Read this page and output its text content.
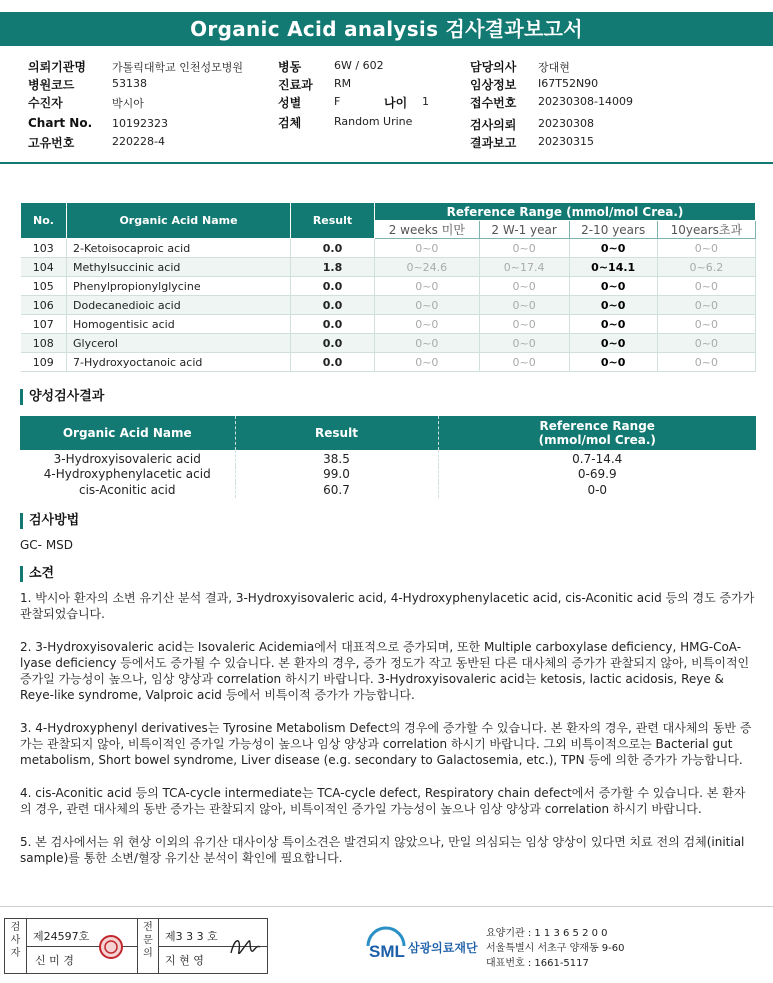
Organic Acid analysis 검사결과보고서
의뢰기관명 가톨릭대학교 인천성모병원
병원코드	53138
수진자	박시아
Chart No. 10192323
고유번호	220228-4
병동	6W / 602
진료과 RM
성별	F	나이 1
검체	Random Urine
담당의사 장대현
임상정보 I67T52N90
접수번호 20230308-14009
검사의뢰 20230308
결과보고 20230315
No.	Organic Acid Name	Result	Reference Range (mmol/mol Crea.)			
			2 weeks 미만	2 W-1 year	2-10 years	10years초과
103	2-Ketoisocaproic acid	0.0	0~0	0~0	0~0	0~0
104	Methylsuccinic acid	1.8	0~24.6	0~17.4	0~14.1	0~6.2
105	Phenylpropionylglycine	0.0	0~0	0~0	0~0	0~0
106	Dodecanedioic acid	0.0	0~0	0~0	0~0	0~0
107	Homogentisic acid	0.0	0~0	0~0	0~0	0~0
108	Glycerol	0.0	0~0	0~0	0~0	0~0
109	7-Hydroxyoctanoic acid	0.0	0~0	0~0	0~0	0~0
양성검사결과
Organic Acid Name	Result	Reference Range
(mmol/mol Crea.)

3-Hydroxyisovaleric acid	38.5	0.7-14.4
4-Hydroxyphenylacetic acid	99.0	0-69.9
cis-Aconitic acid	60.7	0-0
검사방법
GC- MSD
소견

1. 박시아 환자의 소변 유기산 분석 결과, 3-Hydroxyisovaleric acid, 4-Hydroxyphenylacetic acid, cis-Aconitic acid 등의 경도 증가가 관찰되었습니다.

2. 3-Hydroxyisovaleric acid는 Isovaleric Acidemia에서 대표적으로 증가되며, 또한 Multiple carboxylase deficiency, HMG-CoA-lyase deficiency 등에서도 증가될 수 있습니다. 본 환자의 경우, 증가 정도가 작고 동반된 다른 대사체의 증가가 관찰되지 않아, 비특이적인 증가일 가능성이 높으나, 임상 양상과 correlation 하시기 바랍니다. 3-Hydroxyisovaleric acid는 ketosis, lactic acidosis, Reye & Reye-like syndrome, Valproic acid 등에서 비특이적 증가가 가능합니다.

3. 4-Hydroxyphenyl derivatives는 Tyrosine Metabolism Defect의 경우에 증가할 수 있습니다. 본 환자의 경우, 관련 대사체의 동반 증가는 관찰되지 않아, 비특이적인 증가일 가능성이 높으나 임상 양상과 correlation 하시기 바랍니다. 그외 비특이적으로는 Bacterial gut metabolism, Short bowel syndrome, Liver disease (e.g. secondary to Galactosemia, etc.), TPN 등에 의한 증가가 가능합니다.

4. cis-Aconitic acid 등의 TCA-cycle intermediate는 TCA-cycle defect, Respiratory chain defect에서 증가할 수 있습니다. 본 환자의 경우, 관련 대사체의 동반 증가는 관찰되지 않아, 비특이적인 증가일 가능성이 높으나 임상 양상과 correlation 하시기 바랍니다.

5. 본 검사에서는 위 현상 이외의 유기산 대사이상 특이소견은 발견되지 않았으나, 만일 의심되는 임상 양상이 있다면 치료 전의 검체(initial sample)를 통한 소변/혈장 유기산 분석이 확인에 필요합니다.

검사자
제24597호
신 미 경
전문의
제3 3 3 호
지 현 영	SML 삼광의료재단
요양기관 : 1 1 3 6 5 2 0 0
서울특별시 서초구 양재동 9-60
대표번호 : 1661-5117
